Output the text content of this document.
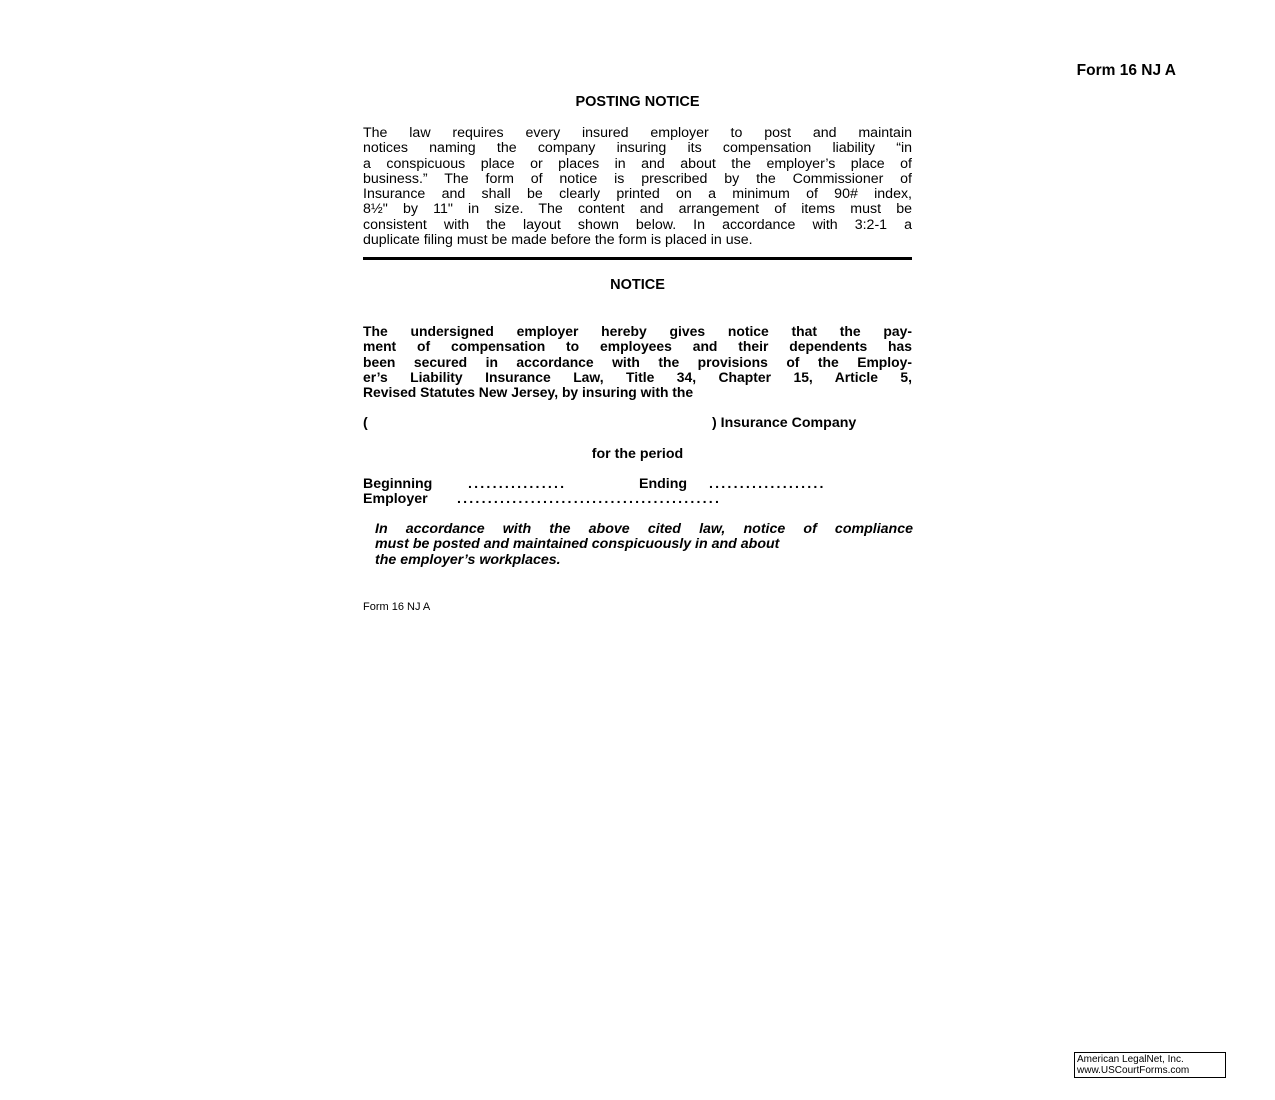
Form 16 NJ A
POSTING NOTICE
The law requires every insured employer to post and maintain
notices naming the company insuring its compensation liability “in
a conspicuous place or places in and about the employer’s place of
business.” The form of notice is prescribed by the Commissioner of
Insurance and shall be clearly printed on a minimum of 90# index,
8½" by 11" in size. The content and arrangement of items must be
consistent with the layout shown below. In accordance with 3:2-1 a
duplicate filing must be made before the form is placed in use.
NOTICE
The undersigned employer hereby gives notice that the pay-
ment of compensation to employees and their dependents has
been secured in accordance with the provisions of the Employ-
er’s Liability Insurance Law, Title 34, Chapter 15, Article 5,
Revised Statutes New Jersey, by insuring with the
(	) Insurance Company
for the period
Beginning	................	Ending ...................
Employer ...........................................
In accordance with the above cited law, notice of compliance
must be posted and maintained conspicuously in and about
the employer’s workplaces.
Form 16 NJ A
American LegalNet, Inc.
www.USCourtForms.com
